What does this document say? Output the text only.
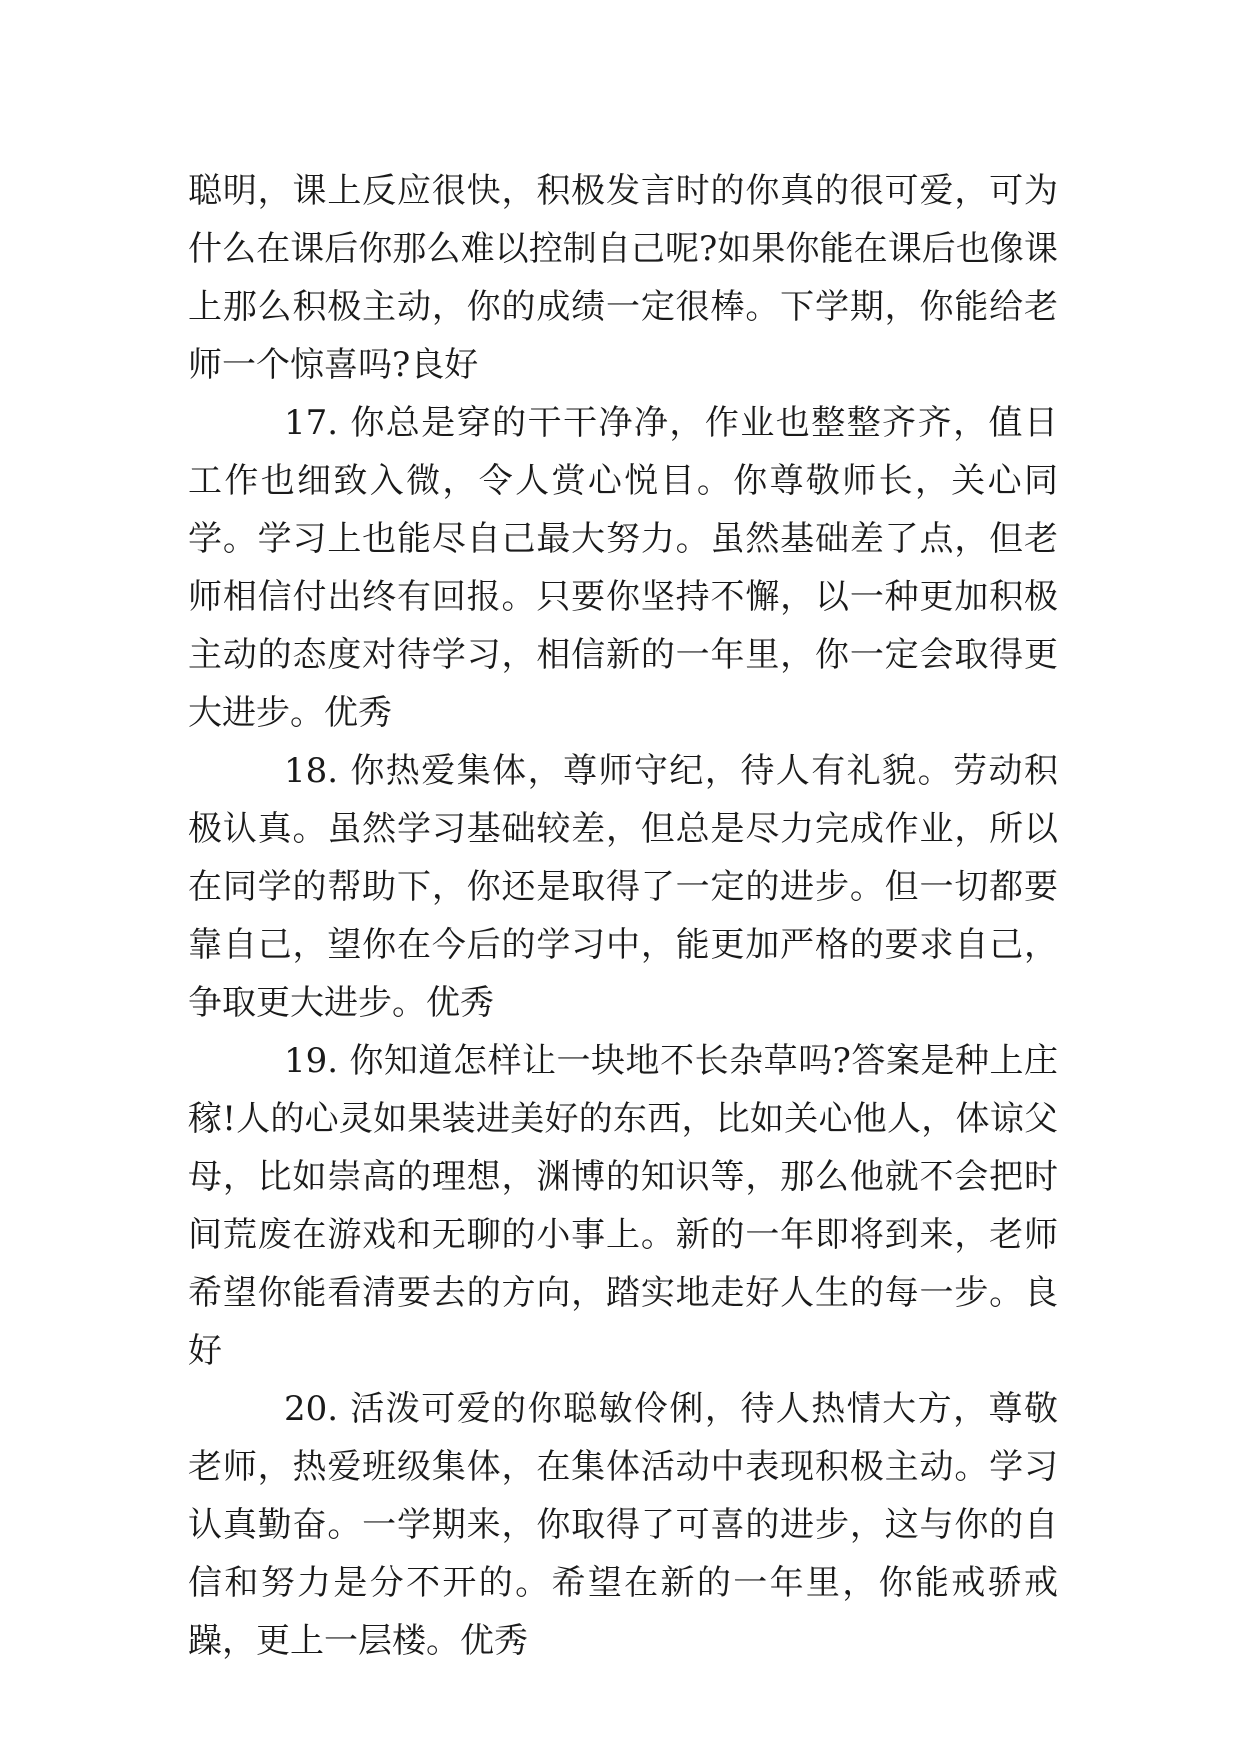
聪明，课上反应很快，积极发言时的你真的很可爱，可为什么在课后你那么难以控制自己呢?如果你能在课后也像课上那么积极主动，你的成绩一定很棒。下学期，你能给老师一个惊喜吗?良好

17. 你总是穿的干干净净，作业也整整齐齐，值日工作也细致入微，令人赏心悦目。你尊敬师长，关心同学。学习上也能尽自己最大努力。虽然基础差了点，但老师相信付出终有回报。只要你坚持不懈，以一种更加积极主动的态度对待学习，相信新的一年里，你一定会取得更大进步。优秀

18. 你热爱集体，尊师守纪，待人有礼貌。劳动积极认真。虽然学习基础较差，但总是尽力完成作业，所以在同学的帮助下，你还是取得了一定的进步。但一切都要靠自己，望你在今后的学习中，能更加严格的要求自己，争取更大进步。优秀

19. 你知道怎样让一块地不长杂草吗?答案是种上庄稼!人的心灵如果装进美好的东西，比如关心他人，体谅父母，比如崇高的理想，渊博的知识等，那么他就不会把时间荒废在游戏和无聊的小事上。新的一年即将到来，老师希望你能看清要去的方向，踏实地走好人生的每一步。良好

20. 活泼可爱的你聪敏伶俐，待人热情大方，尊敬老师，热爱班级集体，在集体活动中表现积极主动。学习认真勤奋。一学期来，你取得了可喜的进步，这与你的自信和努力是分不开的。希望在新的一年里，你能戒骄戒躁，更上一层楼。优秀
